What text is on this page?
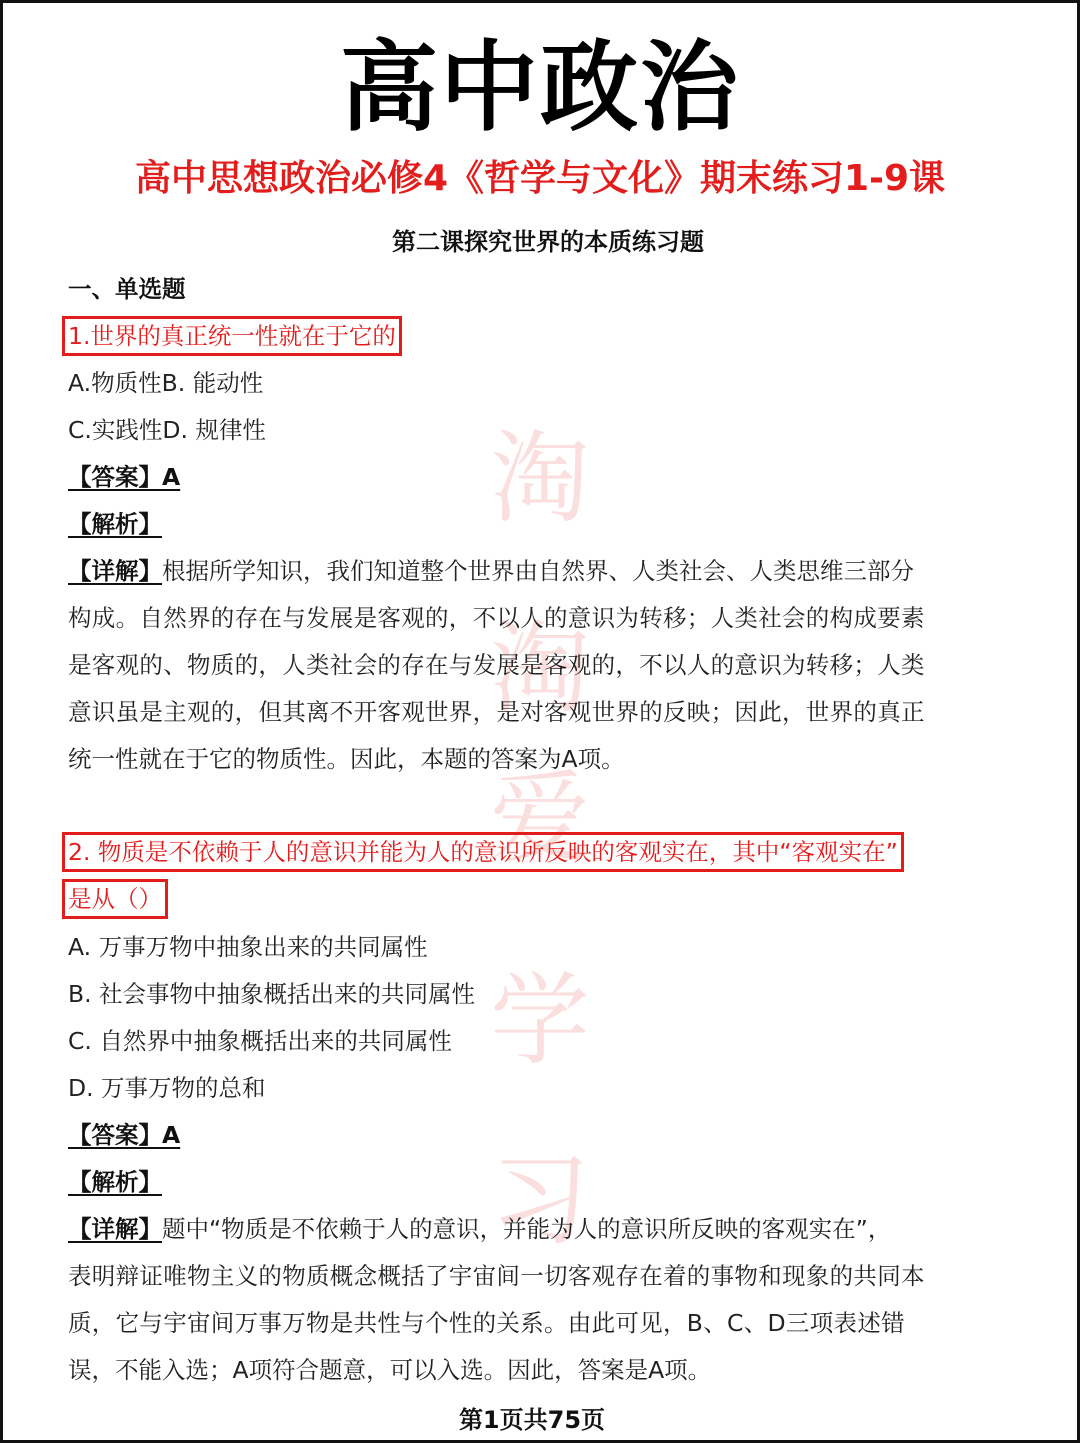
淘
淘
爱
学
习
高中政治
高中思想政治必修4《哲学与文化》期末练习1-9课
第二课探究世界的本质练习题
一、单选题
1.世界的真正统一性就在于它的
A.物质性B. 能动性
C.实践性D. 规律性
【答案】A
【解析】
【详解】根据所学知识，我们知道整个世界由自然界、人类社会、人类思维三部分
构成。自然界的存在与发展是客观的，不以人的意识为转移；人类社会的构成要素
是客观的、物质的，人类社会的存在与发展是客观的，不以人的意识为转移；人类
意识虽是主观的，但其离不开客观世界，是对客观世界的反映；因此，世界的真正
统一性就在于它的物质性。因此，本题的答案为A项。
2. 物质是不依赖于人的意识并能为人的意识所反映的客观实在，其中“客观实在”
是从（）
A. 万事万物中抽象出来的共同属性
B. 社会事物中抽象概括出来的共同属性
C. 自然界中抽象概括出来的共同属性
D. 万事万物的总和
【答案】A
【解析】
【详解】题中“物质是不依赖于人的意识，并能为人的意识所反映的客观实在”，
表明辩证唯物主义的物质概念概括了宇宙间一切客观存在着的事物和现象的共同本
质，它与宇宙间万事万物是共性与个性的关系。由此可见，B、C、D三项表述错
误，不能入选；A项符合题意，可以入选。因此，答案是A项。
第1页共75页
